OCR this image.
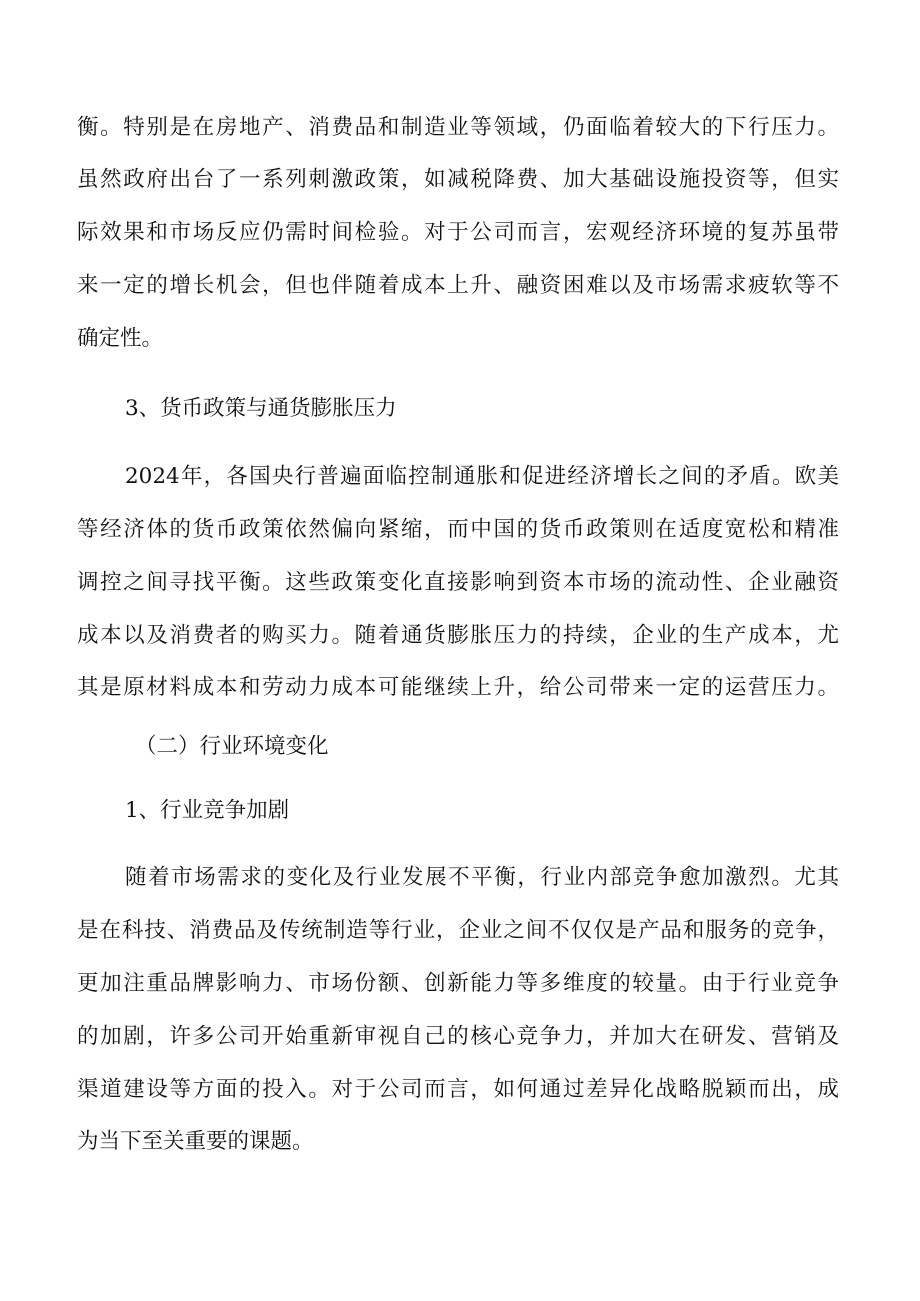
衡。特别是在房地产、消费品和制造业等领域，仍面临着较大的下行压力。

虽然政府出台了一系列刺激政策，如减税降费、加大基础设施投资等，但实

际效果和市场反应仍需时间检验。对于公司而言，宏观经济环境的复苏虽带

来一定的增长机会，但也伴随着成本上升、融资困难以及市场需求疲软等不

确定性。

3、货币政策与通货膨胀压力

2024年，各国央行普遍面临控制通胀和促进经济增长之间的矛盾。欧美

等经济体的货币政策依然偏向紧缩，而中国的货币政策则在适度宽松和精准

调控之间寻找平衡。这些政策变化直接影响到资本市场的流动性、企业融资

成本以及消费者的购买力。随着通货膨胀压力的持续，企业的生产成本，尤

其是原材料成本和劳动力成本可能继续上升，给公司带来一定的运营压力。

（二）行业环境变化

1、行业竞争加剧

随着市场需求的变化及行业发展不平衡，行业内部竞争愈加激烈。尤其

是在科技、消费品及传统制造等行业，企业之间不仅仅是产品和服务的竞争，

更加注重品牌影响力、市场份额、创新能力等多维度的较量。由于行业竞争

的加剧，许多公司开始重新审视自己的核心竞争力，并加大在研发、营销及

渠道建设等方面的投入。对于公司而言，如何通过差异化战略脱颖而出，成

为当下至关重要的课题。
